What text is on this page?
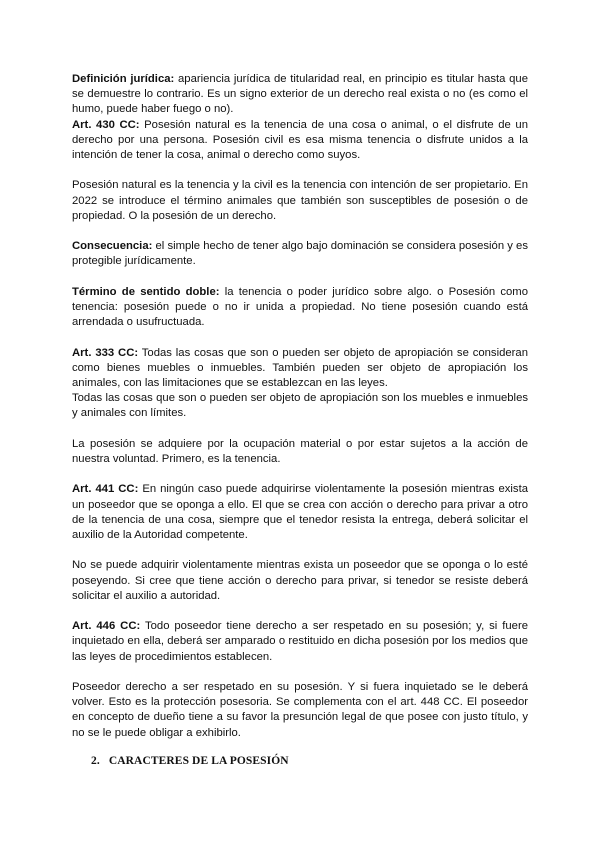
Definición jurídica: apariencia jurídica de titularidad real, en principio es titular hasta que se demuestre lo contrario. Es un signo exterior de un derecho real exista o no (es como el humo, puede haber fuego o no).

Art. 430 CC: Posesión natural es la tenencia de una cosa o animal, o el disfrute de un derecho por una persona. Posesión civil es esa misma tenencia o disfrute unidos a la intención de tener la cosa, animal o derecho como suyos.

Posesión natural es la tenencia y la civil es la tenencia con intención de ser propietario. En 2022 se introduce el término animales que también son susceptibles de posesión o de propiedad. O la posesión de un derecho.

Consecuencia: el simple hecho de tener algo bajo dominación se considera posesión y es protegible jurídicamente.

Término de sentido doble: la tenencia o poder jurídico sobre algo. o Posesión como tenencia: posesión puede o no ir unida a propiedad. No tiene posesión cuando está arrendada o usufructuada.

Art. 333 CC: Todas las cosas que son o pueden ser objeto de apropiación se consideran como bienes muebles o inmuebles. También pueden ser objeto de apropiación los animales, con las limitaciones que se establezcan en las leyes.

Todas las cosas que son o pueden ser objeto de apropiación son los muebles e inmuebles y animales con límites.

La posesión se adquiere por la ocupación material o por estar sujetos a la acción de nuestra voluntad. Primero, es la tenencia.

Art. 441 CC: En ningún caso puede adquirirse violentamente la posesión mientras exista un poseedor que se oponga a ello. El que se crea con acción o derecho para privar a otro de la tenencia de una cosa, siempre que el tenedor resista la entrega, deberá solicitar el auxilio de la Autoridad competente.

No se puede adquirir violentamente mientras exista un poseedor que se oponga o lo esté poseyendo. Si cree que tiene acción o derecho para privar, si tenedor se resiste deberá solicitar el auxilio a autoridad.

Art. 446 CC: Todo poseedor tiene derecho a ser respetado en su posesión; y, si fuere inquietado en ella, deberá ser amparado o restituido en dicha posesión por los medios que las leyes de procedimientos establecen.

Poseedor derecho a ser respetado en su posesión. Y si fuera inquietado se le deberá volver. Esto es la protección posesoria. Se complementa con el art. 448 CC. El poseedor en concepto de dueño tiene a su favor la presunción legal de que posee con justo título, y no se le puede obligar a exhibirlo.

2. CARACTERES DE LA POSESIÓN
